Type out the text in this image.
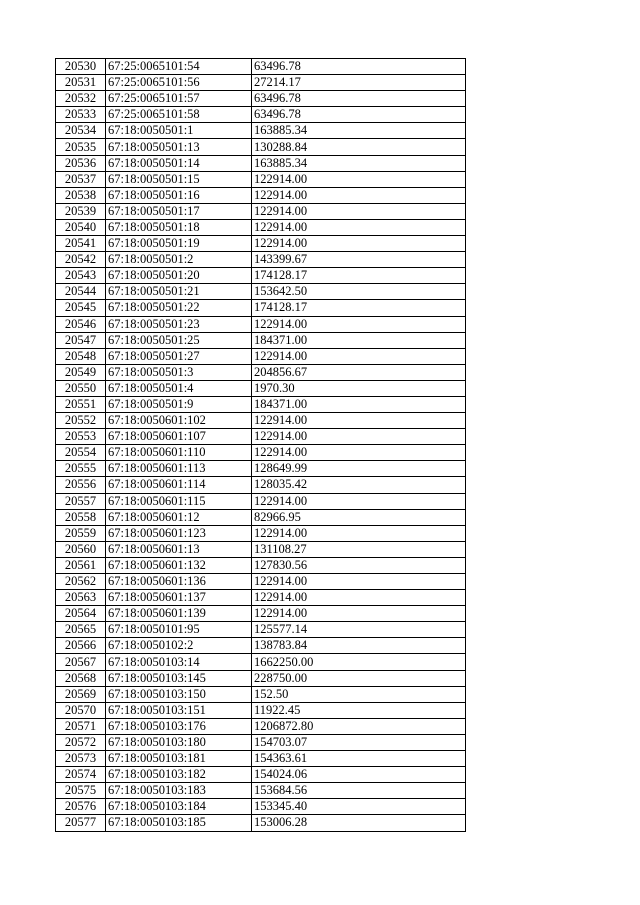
20530	67:25:0065101:54	63496.78
20531	67:25:0065101:56	27214.17
20532	67:25:0065101:57	63496.78
20533	67:25:0065101:58	63496.78
20534	67:18:0050501:1	163885.34
20535	67:18:0050501:13	130288.84
20536	67:18:0050501:14	163885.34
20537	67:18:0050501:15	122914.00
20538	67:18:0050501:16	122914.00
20539	67:18:0050501:17	122914.00
20540	67:18:0050501:18	122914.00
20541	67:18:0050501:19	122914.00
20542	67:18:0050501:2	143399.67
20543	67:18:0050501:20	174128.17
20544	67:18:0050501:21	153642.50
20545	67:18:0050501:22	174128.17
20546	67:18:0050501:23	122914.00
20547	67:18:0050501:25	184371.00
20548	67:18:0050501:27	122914.00
20549	67:18:0050501:3	204856.67
20550	67:18:0050501:4	1970.30
20551	67:18:0050501:9	184371.00
20552	67:18:0050601:102	122914.00
20553	67:18:0050601:107	122914.00
20554	67:18:0050601:110	122914.00
20555	67:18:0050601:113	128649.99
20556	67:18:0050601:114	128035.42
20557	67:18:0050601:115	122914.00
20558	67:18:0050601:12	82966.95
20559	67:18:0050601:123	122914.00
20560	67:18:0050601:13	131108.27
20561	67:18:0050601:132	127830.56
20562	67:18:0050601:136	122914.00
20563	67:18:0050601:137	122914.00
20564	67:18:0050601:139	122914.00
20565	67:18:0050101:95	125577.14
20566	67:18:0050102:2	138783.84
20567	67:18:0050103:14	1662250.00
20568	67:18:0050103:145	228750.00
20569	67:18:0050103:150	152.50
20570	67:18:0050103:151	11922.45
20571	67:18:0050103:176	1206872.80
20572	67:18:0050103:180	154703.07
20573	67:18:0050103:181	154363.61
20574	67:18:0050103:182	154024.06
20575	67:18:0050103:183	153684.56
20576	67:18:0050103:184	153345.40
20577	67:18:0050103:185	153006.28
